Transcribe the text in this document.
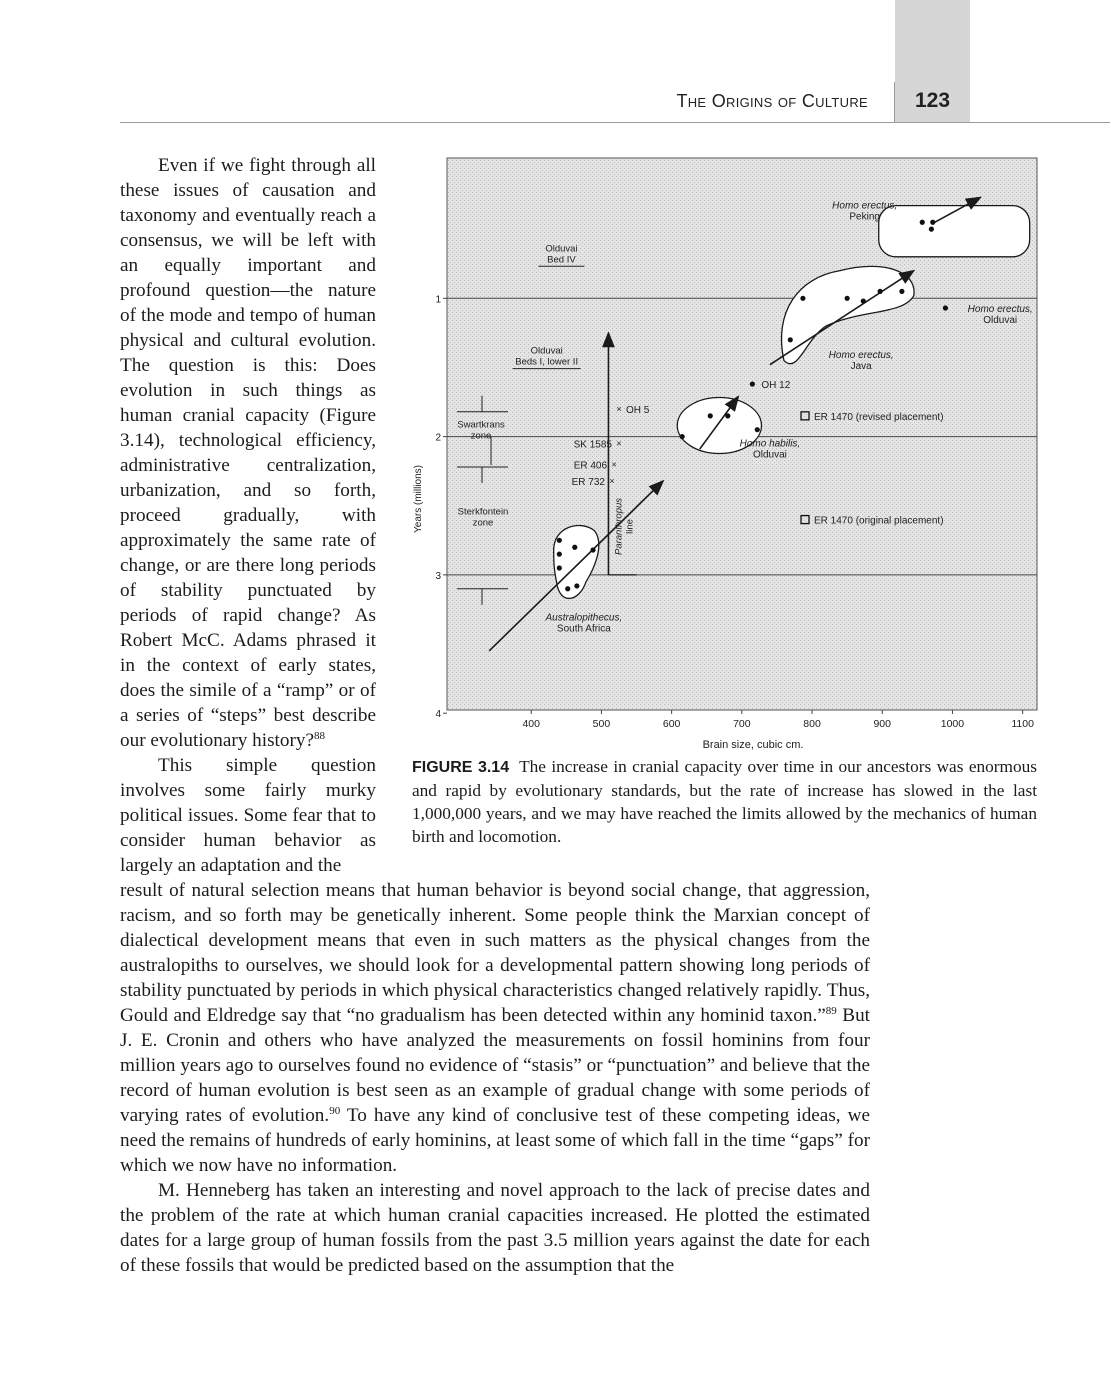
The Origins of Culture	123

Even if we fight through all these issues of causation and taxonomy and eventually reach a consensus, we will be left with an equally important and profound question—the nature of the mode and tempo of human physical and cultural evolution. The question is this: Does evolution in such things as human cranial capacity (Figure 3.14), technological efficiency, administrative centralization, urbanization, and so forth, proceed gradually, with approximately the same rate of change, or are there long periods of stability punctuated by periods of rapid change? As Robert McC. Adams phrased it in the context of early states, does the simile of a “ramp” or of a series of “steps” best describe our evolutionary history?$^{88}$

This simple question involves some fairly murky political issues. Some fear that to consider human behavior as largely an adaptation and the

1
2
3
4
400	500	600	700	800	900	1000	1100
Paranthropusline
×
×
×
×
Homo erectus, Peking
Homo erectus, Java
Homo habilis, Olduvai
Australopithecus, South Africa
Homo erectus, Olduvai
OH 12
ER 1470 (revised placement)
ER 1470 (original placement)
OH 5
SK 1585
ER 406
ER 732
Olduvai Bed IV
Olduvai Beds I, lower II
Swartkrans zone
Sterkfontein zone
Brain size, cubic cm.
Years (millions)
FIGURE 3.14 The increase in cranial capacity over time in our ancestors was enormous and rapid by evolutionary standards, but the rate of increase has slowed in the last 1,000,000 years, and we may have reached the limits allowed by the mechanics of human birth and locomotion.

result of natural selection means that human behavior is beyond social change, that aggression, racism, and so forth may be genetically inherent. Some people think the Marxian concept of dialectical development means that even in such matters as the physical changes from the australopiths to ourselves, we should look for a developmental pattern showing long periods of stability punctuated by periods in which physical characteristics changed relatively rapidly. Thus, Gould and Eldredge say that “no gradualism has been detected within any hominid taxon.”$^{89}$ But J. E. Cronin and others who have analyzed the measurements on fossil hominins from four million years ago to ourselves found no evidence of “stasis” or “punctuation” and believe that the record of human evolution is best seen as an example of gradual change with some periods of varying rates of evolution.$^{90}$ To have any kind of conclusive test of these competing ideas, we need the remains of hundreds of early hominins, at least some of which fall in the time “gaps” for which we now have no information.

M. Henneberg has taken an interesting and novel approach to the lack of precise dates and the problem of the rate at which human cranial capacities increased. He plotted the estimated dates for a large group of human fossils from the past 3.5 million years against the date for each of these fossils that would be predicted based on the assumption that the
